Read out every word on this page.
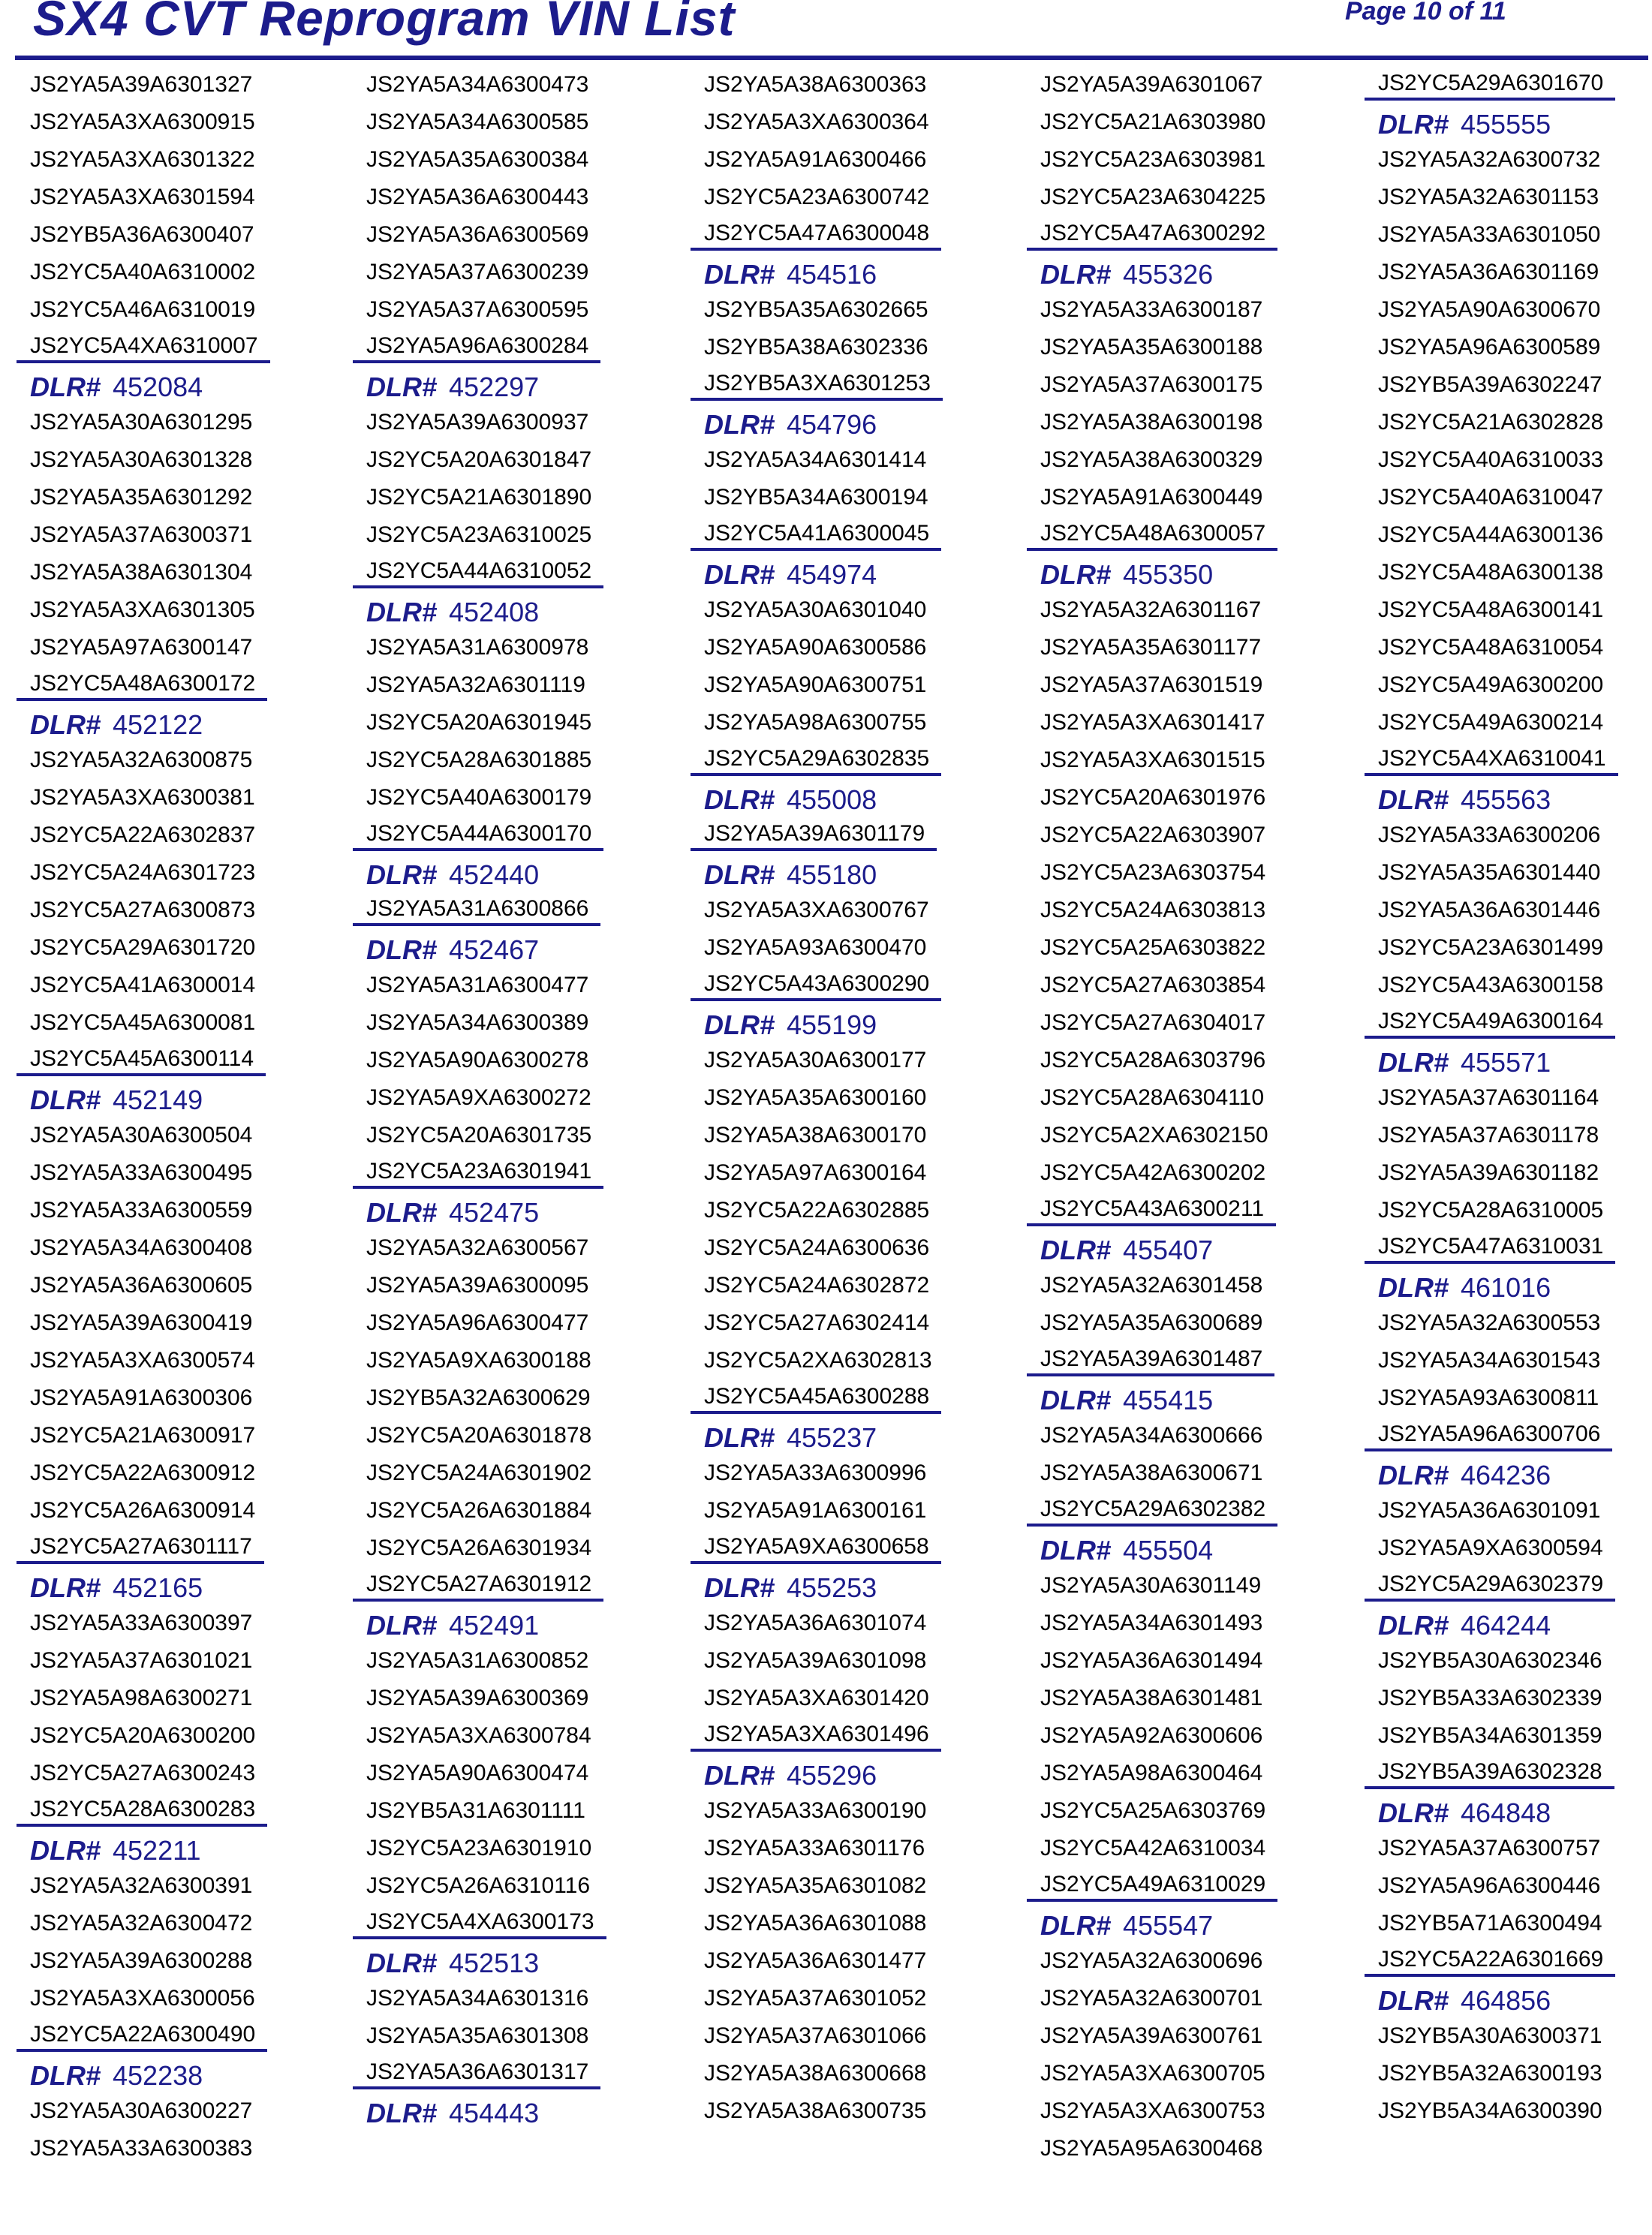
SX4 CVT Reprogram VIN List	Page 10 of 11
JS2YA5A39A6301327
JS2YA5A3XA6300915
JS2YA5A3XA6301322
JS2YA5A3XA6301594
JS2YB5A36A6300407
JS2YC5A40A6310002
JS2YC5A46A6310019
JS2YC5A4XA6310007
DLR# 452084
JS2YA5A30A6301295
JS2YA5A30A6301328
JS2YA5A35A6301292
JS2YA5A37A6300371
JS2YA5A38A6301304
JS2YA5A3XA6301305
JS2YA5A97A6300147
JS2YC5A48A6300172
DLR# 452122
JS2YA5A32A6300875
JS2YA5A3XA6300381
JS2YC5A22A6302837
JS2YC5A24A6301723
JS2YC5A27A6300873
JS2YC5A29A6301720
JS2YC5A41A6300014
JS2YC5A45A6300081
JS2YC5A45A6300114
DLR# 452149
JS2YA5A30A6300504
JS2YA5A33A6300495
JS2YA5A33A6300559
JS2YA5A34A6300408
JS2YA5A36A6300605
JS2YA5A39A6300419
JS2YA5A3XA6300574
JS2YA5A91A6300306
JS2YC5A21A6300917
JS2YC5A22A6300912
JS2YC5A26A6300914
JS2YC5A27A6301117
DLR# 452165
JS2YA5A33A6300397
JS2YA5A37A6301021
JS2YA5A98A6300271
JS2YC5A20A6300200
JS2YC5A27A6300243
JS2YC5A28A6300283
DLR# 452211
JS2YA5A32A6300391
JS2YA5A32A6300472
JS2YA5A39A6300288
JS2YA5A3XA6300056
JS2YC5A22A6300490
DLR# 452238
JS2YA5A30A6300227
JS2YA5A33A6300383
JS2YA5A34A6300473
JS2YA5A34A6300585
JS2YA5A35A6300384
JS2YA5A36A6300443
JS2YA5A36A6300569
JS2YA5A37A6300239
JS2YA5A37A6300595
JS2YA5A96A6300284
DLR# 452297
JS2YA5A39A6300937
JS2YC5A20A6301847
JS2YC5A21A6301890
JS2YC5A23A6310025
JS2YC5A44A6310052
DLR# 452408
JS2YA5A31A6300978
JS2YA5A32A6301119
JS2YC5A20A6301945
JS2YC5A28A6301885
JS2YC5A40A6300179
JS2YC5A44A6300170
DLR# 452440
JS2YA5A31A6300866
DLR# 452467
JS2YA5A31A6300477
JS2YA5A34A6300389
JS2YA5A90A6300278
JS2YA5A9XA6300272
JS2YC5A20A6301735
JS2YC5A23A6301941
DLR# 452475
JS2YA5A32A6300567
JS2YA5A39A6300095
JS2YA5A96A6300477
JS2YA5A9XA6300188
JS2YB5A32A6300629
JS2YC5A20A6301878
JS2YC5A24A6301902
JS2YC5A26A6301884
JS2YC5A26A6301934
JS2YC5A27A6301912
DLR# 452491
JS2YA5A31A6300852
JS2YA5A39A6300369
JS2YA5A3XA6300784
JS2YA5A90A6300474
JS2YB5A31A6301111
JS2YC5A23A6301910
JS2YC5A26A6310116
JS2YC5A4XA6300173
DLR# 452513
JS2YA5A34A6301316
JS2YA5A35A6301308
JS2YA5A36A6301317
DLR# 454443
JS2YA5A38A6300363
JS2YA5A3XA6300364
JS2YA5A91A6300466
JS2YC5A23A6300742
JS2YC5A47A6300048
DLR# 454516
JS2YB5A35A6302665
JS2YB5A38A6302336
JS2YB5A3XA6301253
DLR# 454796
JS2YA5A34A6301414
JS2YB5A34A6300194
JS2YC5A41A6300045
DLR# 454974
JS2YA5A30A6301040
JS2YA5A90A6300586
JS2YA5A90A6300751
JS2YA5A98A6300755
JS2YC5A29A6302835
DLR# 455008
JS2YA5A39A6301179
DLR# 455180
JS2YA5A3XA6300767
JS2YA5A93A6300470
JS2YC5A43A6300290
DLR# 455199
JS2YA5A30A6300177
JS2YA5A35A6300160
JS2YA5A38A6300170
JS2YA5A97A6300164
JS2YC5A22A6302885
JS2YC5A24A6300636
JS2YC5A24A6302872
JS2YC5A27A6302414
JS2YC5A2XA6302813
JS2YC5A45A6300288
DLR# 455237
JS2YA5A33A6300996
JS2YA5A91A6300161
JS2YA5A9XA6300658
DLR# 455253
JS2YA5A36A6301074
JS2YA5A39A6301098
JS2YA5A3XA6301420
JS2YA5A3XA6301496
DLR# 455296
JS2YA5A33A6300190
JS2YA5A33A6301176
JS2YA5A35A6301082
JS2YA5A36A6301088
JS2YA5A36A6301477
JS2YA5A37A6301052
JS2YA5A37A6301066
JS2YA5A38A6300668
JS2YA5A38A6300735
JS2YA5A39A6301067
JS2YC5A21A6303980
JS2YC5A23A6303981
JS2YC5A23A6304225
JS2YC5A47A6300292
DLR# 455326
JS2YA5A33A6300187
JS2YA5A35A6300188
JS2YA5A37A6300175
JS2YA5A38A6300198
JS2YA5A38A6300329
JS2YA5A91A6300449
JS2YC5A48A6300057
DLR# 455350
JS2YA5A32A6301167
JS2YA5A35A6301177
JS2YA5A37A6301519
JS2YA5A3XA6301417
JS2YA5A3XA6301515
JS2YC5A20A6301976
JS2YC5A22A6303907
JS2YC5A23A6303754
JS2YC5A24A6303813
JS2YC5A25A6303822
JS2YC5A27A6303854
JS2YC5A27A6304017
JS2YC5A28A6303796
JS2YC5A28A6304110
JS2YC5A2XA6302150
JS2YC5A42A6300202
JS2YC5A43A6300211
DLR# 455407
JS2YA5A32A6301458
JS2YA5A35A6300689
JS2YA5A39A6301487
DLR# 455415
JS2YA5A34A6300666
JS2YA5A38A6300671
JS2YC5A29A6302382
DLR# 455504
JS2YA5A30A6301149
JS2YA5A34A6301493
JS2YA5A36A6301494
JS2YA5A38A6301481
JS2YA5A92A6300606
JS2YA5A98A6300464
JS2YC5A25A6303769
JS2YC5A42A6310034
JS2YC5A49A6310029
DLR# 455547
JS2YA5A32A6300696
JS2YA5A32A6300701
JS2YA5A39A6300761
JS2YA5A3XA6300705
JS2YA5A3XA6300753
JS2YA5A95A6300468
JS2YC5A29A6301670
DLR# 455555
JS2YA5A32A6300732
JS2YA5A32A6301153
JS2YA5A33A6301050
JS2YA5A36A6301169
JS2YA5A90A6300670
JS2YA5A96A6300589
JS2YB5A39A6302247
JS2YC5A21A6302828
JS2YC5A40A6310033
JS2YC5A40A6310047
JS2YC5A44A6300136
JS2YC5A48A6300138
JS2YC5A48A6300141
JS2YC5A48A6310054
JS2YC5A49A6300200
JS2YC5A49A6300214
JS2YC5A4XA6310041
DLR# 455563
JS2YA5A33A6300206
JS2YA5A35A6301440
JS2YA5A36A6301446
JS2YC5A23A6301499
JS2YC5A43A6300158
JS2YC5A49A6300164
DLR# 455571
JS2YA5A37A6301164
JS2YA5A37A6301178
JS2YA5A39A6301182
JS2YC5A28A6310005
JS2YC5A47A6310031
DLR# 461016
JS2YA5A32A6300553
JS2YA5A34A6301543
JS2YA5A93A6300811
JS2YA5A96A6300706
DLR# 464236
JS2YA5A36A6301091
JS2YA5A9XA6300594
JS2YC5A29A6302379
DLR# 464244
JS2YB5A30A6302346
JS2YB5A33A6302339
JS2YB5A34A6301359
JS2YB5A39A6302328
DLR# 464848
JS2YA5A37A6300757
JS2YA5A96A6300446
JS2YB5A71A6300494
JS2YC5A22A6301669
DLR# 464856
JS2YB5A30A6300371
JS2YB5A32A6300193
JS2YB5A34A6300390
